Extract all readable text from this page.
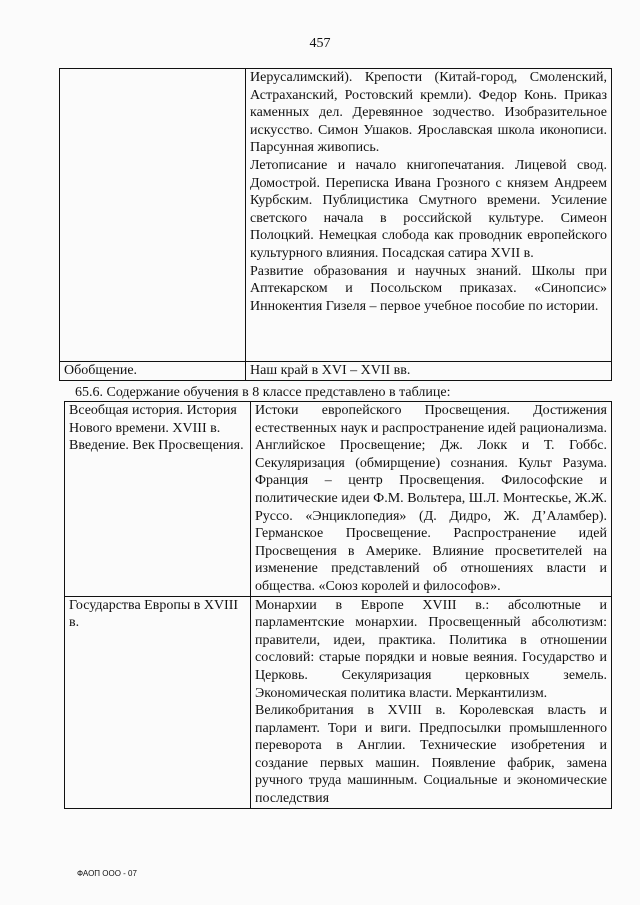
457

	Иерусалимский). Крепости (Китай-город, Смоленский, Астраханский, Ростовский кремли). Федор Конь. Приказ каменных дел. Деревянное зодчество. Изобразительное искусство. Симон Ушаков. Ярославская школа иконописи. Парсунная живопись.

Летописание и начало книгопечатания. Лицевой свод. Домострой. Переписка Ивана Грозного с князем Андреем Курбским. Публицистика Смутного времени. Усиление светского начала в российской культуре. Симеон Полоцкий. Немецкая слобода как проводник европейского культурного влияния. Посадская сатира XVII в.

Развитие образования и научных знаний. Школы при Аптекарском и Посольском приказах. «Синопсис» Иннокентия Гизеля – первое учебное пособие по истории.

Обобщение.	Наш край в XVI – XVII вв.

65.6. Содержание обучения в 8 классе представлено в таблице:
Всеобщая история. История Нового времени. XVIII в. Введение. Век Просвещения.	Истоки европейского Просвещения. Достижения естественных наук и распространение идей рационализма. Английское Просвещение; Дж. Локк и Т. Гоббс. Секуляризация (обмирщение) сознания. Культ Разума. Франция – центр Просвещения. Философские и политические идеи Ф.М. Вольтера, Ш.Л. Монтескье, Ж.Ж. Руссо. «Энциклопедия» (Д. Дидро, Ж. Д’Аламбер). Германское Просвещение. Распространение идей Просвещения в Америке. Влияние просветителей на изменение представлений об отношениях власти и общества. «Союз королей и философов».

Государства Европы в XVIII в.	Монархии в Европе XVIII в.: абсолютные и парламентские монархии. Просвещенный абсолютизм: правители, идеи, практика. Политика в отношении сословий: старые порядки и новые веяния. Государство и Церковь. Секуляризация церковных земель. Экономическая политика власти. Меркантилизм.

Великобритания в XVIII в. Королевская власть и парламент. Тори и виги. Предпосылки промышленного переворота в Англии. Технические изобретения и создание первых машин. Появление фабрик, замена ручного труда машинным. Социальные и экономические последствия

ФАОП ООО - 07
